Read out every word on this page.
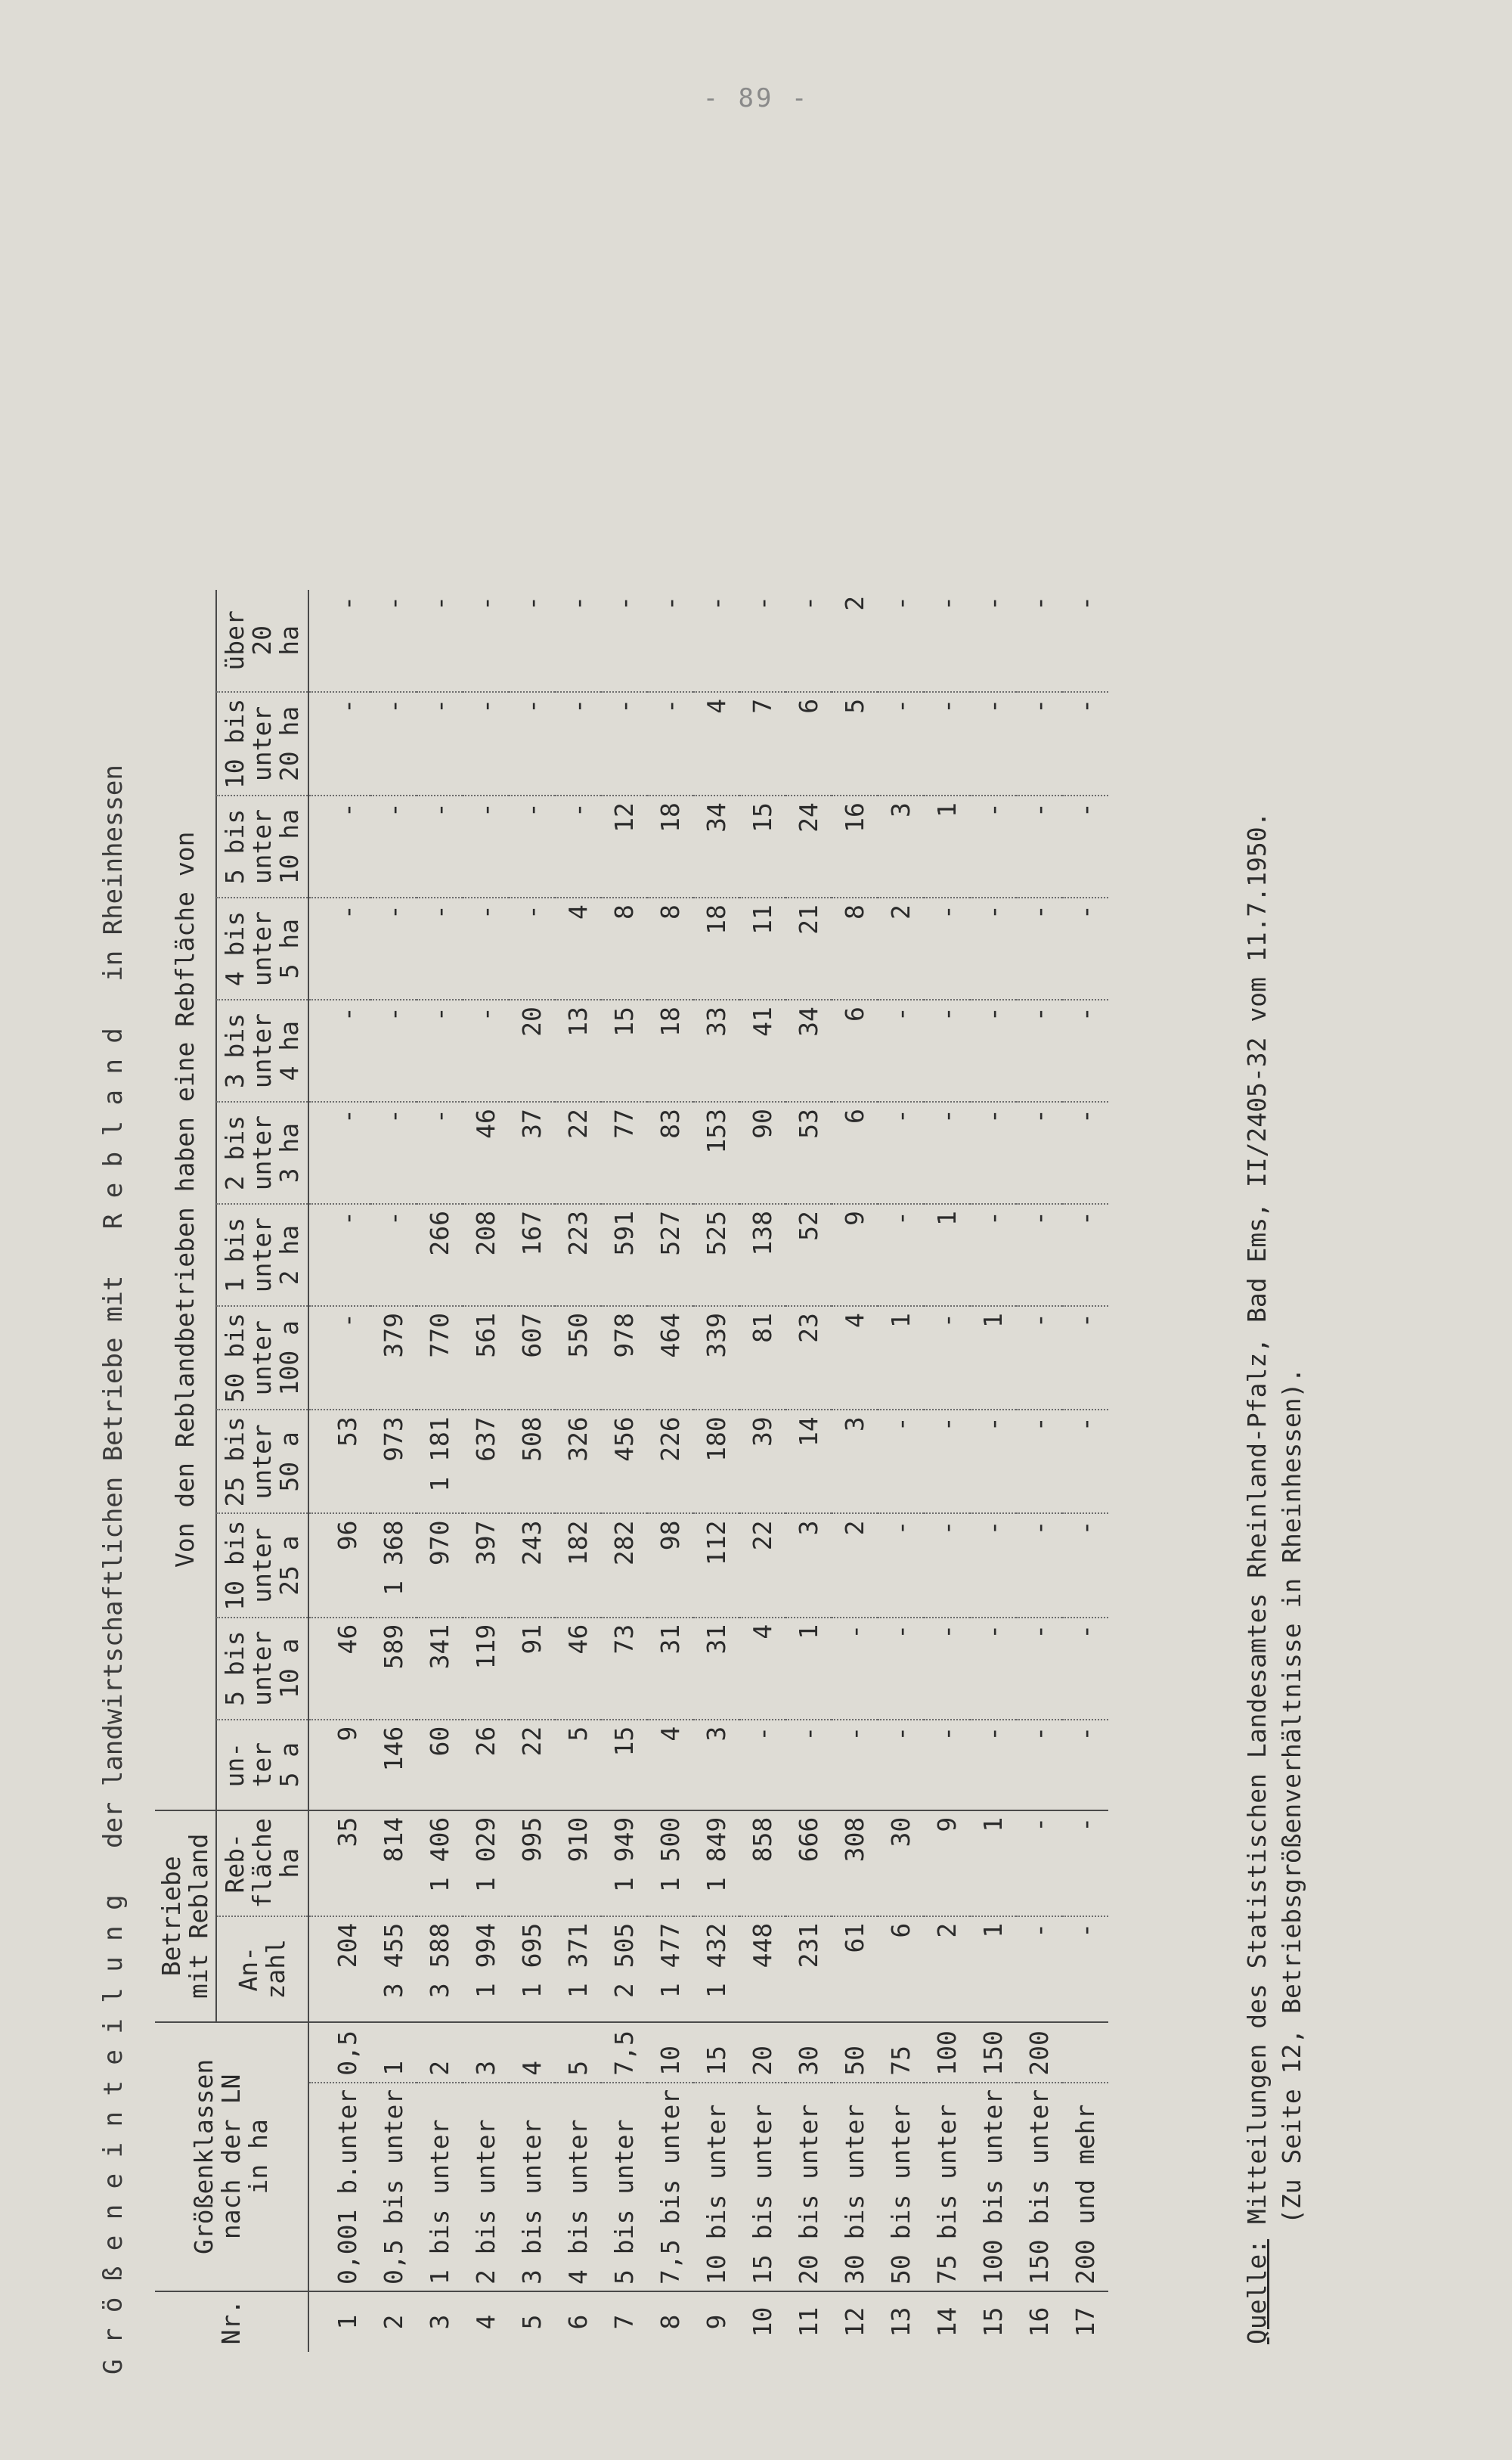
- 89 -
G r ö ß e n e i n t e i l u n g   der landwirtschaftlichen Betriebe mit   R e b l a n d   in Rheinhessen	Nr.	Größenklassen
nach der LN
in ha		Betriebe
mit Rebland		Von den Reblandbetrieben haben eine Rebfläche von											

					un-
ter
5 a	5 bis
unter
10 a	10 bis
unter
25 a	25 bis
unter
50 a	50 bis
unter
100 a	1 bis
unter
2 ha	2 bis
unter
3 ha	3 bis
unter
4 ha	4 bis
unter
5 ha	5 bis
unter
10 ha	10 bis
unter
20 ha	über
20
ha

			An-
zahl	Reb-
fläche
ha												

1	0,001 b.unter	0,5	204	35	9	46	96	53	-	-	-	-	-	-	-	-
2	0,5 bis unter	1	3 455	814	146	589	1 368	973	379	-	-	-	-	-	-	-
3	1 bis unter	2	3 588	1 406	60	341	970	1 181	770	266	-	-	-	-	-	-
4	2 bis unter	3	1 994	1 029	26	119	397	637	561	208	46	-	-	-	-	-
5	3 bis unter	4	1 695	995	22	91	243	508	607	167	37	20	-	-	-	-
6	4 bis unter	5	1 371	910	5	46	182	326	550	223	22	13	4	-	-	-
7	5 bis unter	7,5	2 505	1 949	15	73	282	456	978	591	77	15	8	12	-	-
8	7,5 bis unter	10	1 477	1 500	4	31	98	226	464	527	83	18	8	18	-	-
9	10 bis unter	15	1 432	1 849	3	31	112	180	339	525	153	33	18	34	4	-
10	15 bis unter	20	448	858	-	4	22	39	81	138	90	41	11	15	7	-
11	20 bis unter	30	231	666	-	1	3	14	23	52	53	34	21	24	6	-
12	30 bis unter	50	61	308	-	-	2	3	4	9	6	6	8	16	5	2
13	50 bis unter	75	6	30	-	-	-	-	1	-	-	-	2	3	-	-
14	75 bis unter	100	2	9	-	-	-	-	-	1	-	-	-	1	-	-
15	100 bis unter	150	1	1	-	-	-	-	1	-	-	-	-	-	-	-
16	150 bis unter	200	-	-	-	-	-	-	-	-	-	-	-	-	-	-
17	200 und mehr		-	-	-	-	-	-	-	-	-	-	-	-	-	-
Quelle: Mitteilungen des Statistischen Landesamtes Rheinland-Pfalz, Bad Ems, II/2405-32 vom 11.7.1950. (Zu Seite 12, Betriebsgrößenverhältnisse in Rheinhessen).
